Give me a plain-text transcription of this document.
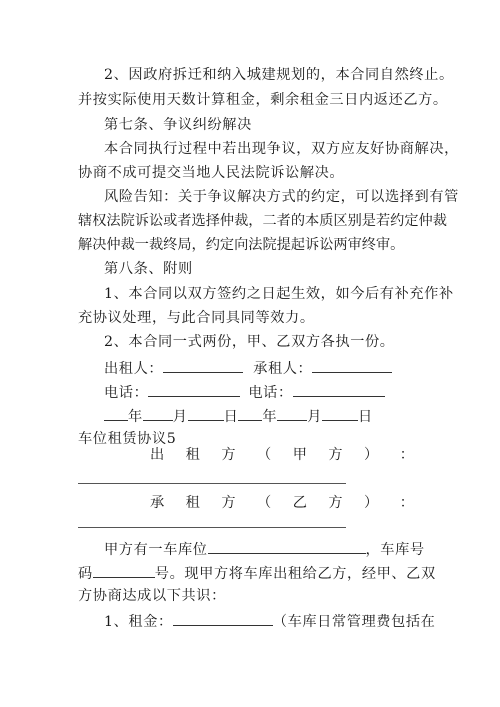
2、因政府拆迁和纳入城建规划的，本合同自然终止。
并按实际使用天数计算租金，剩余租金三日内返还乙方。
第七条、争议纠纷解决
本合同执行过程中若出现争议，双方应友好协商解决，
协商不成可提交当地人民法院诉讼解决。
风险告知：关于争议解决方式的约定，可以选择到有管
辖权法院诉讼或者选择仲裁，二者的本质区别是若约定仲裁
解决仲裁一裁终局，约定向法院提起诉讼两审终审。
第八条、附则
1、本合同以双方签约之日起生效，如今后有补充作补
充协议处理，与此合同具同等效力。
2、本合同一式两份，甲、乙双方各执一份。
出租人：	承租人：
电话：	电话：
年 月	日 年 月	日
车位租赁协议5
出 租 方 （ 甲 方 ） ：
承 租 方 （ 乙 方 ） ：
甲方有一车库位	，车库号
码	号。现甲方将车库出租给乙方，经甲、乙双
方协商达成以下共识：
1、租金：	（车库日常管理费包括在
